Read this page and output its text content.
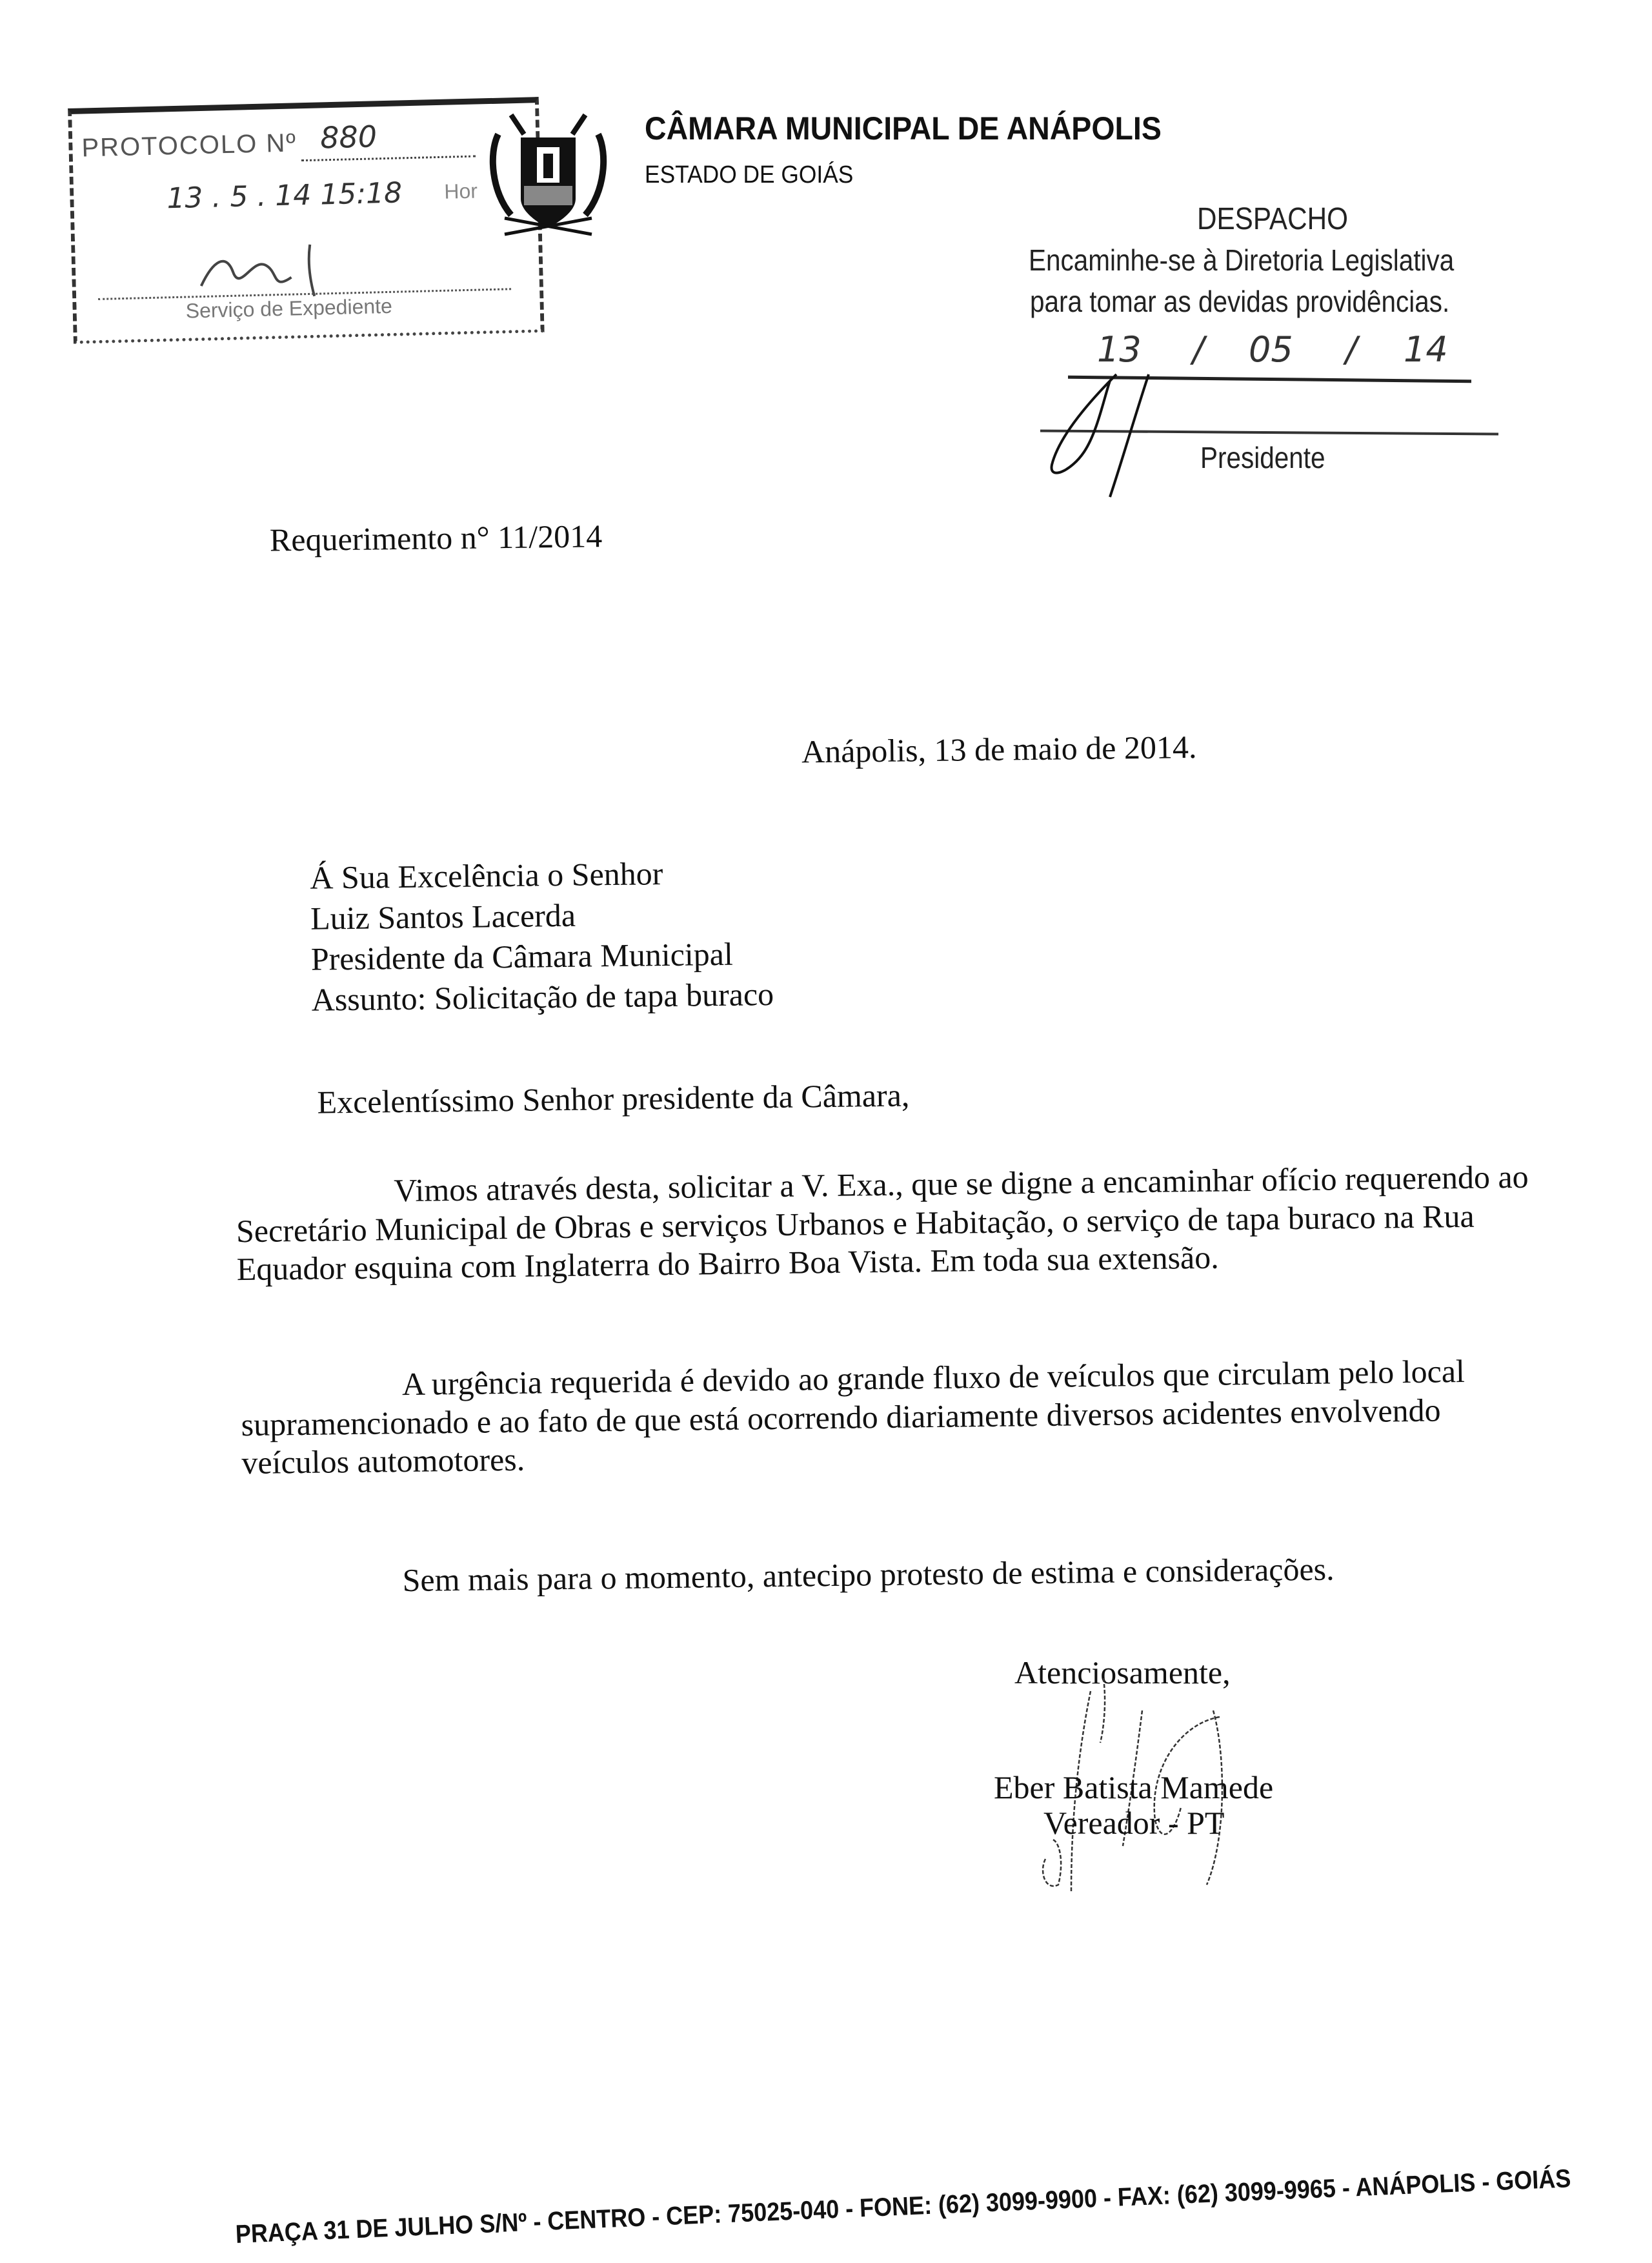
PROTOCOLO Nº 880
13 . 5 . 14 15:18 Hor
Serviço de Expediente
CÂMARA MUNICIPAL DE ANÁPOLIS
ESTADO DE GOIÁS
DESPACHO
Encaminhe-se à Diretoria Legislativa
para tomar as devidas providências.
13 / 05 / 14
Presidente
Requerimento n° 11/2014
Anápolis, 13 de maio de 2014.
Á Sua Excelência o Senhor
Luiz Santos Lacerda
Presidente da Câmara Municipal
Assunto: Solicitação de tapa buraco
Excelentíssimo Senhor presidente da Câmara,
Vimos através desta, solicitar a V. Exa., que se digne a encaminhar ofício requerendo ao
Secretário Municipal de Obras e serviços Urbanos e Habitação, o serviço de tapa buraco na Rua
Equador esquina com Inglaterra do Bairro Boa Vista. Em toda sua extensão.
A urgência requerida é devido ao grande fluxo de veículos que circulam pelo local
supramencionado e ao fato de que está ocorrendo diariamente diversos acidentes envolvendo
veículos automotores.
Sem mais para o momento, antecipo protesto de estima e considerações.
Atenciosamente,
Eber Batista Mamede
Vereador - PT
PRAÇA 31 DE JULHO S/Nº - CENTRO - CEP: 75025-040 - FONE: (62) 3099-9900 - FAX: (62) 3099-9965 - ANÁPOLIS - GOIÁS
